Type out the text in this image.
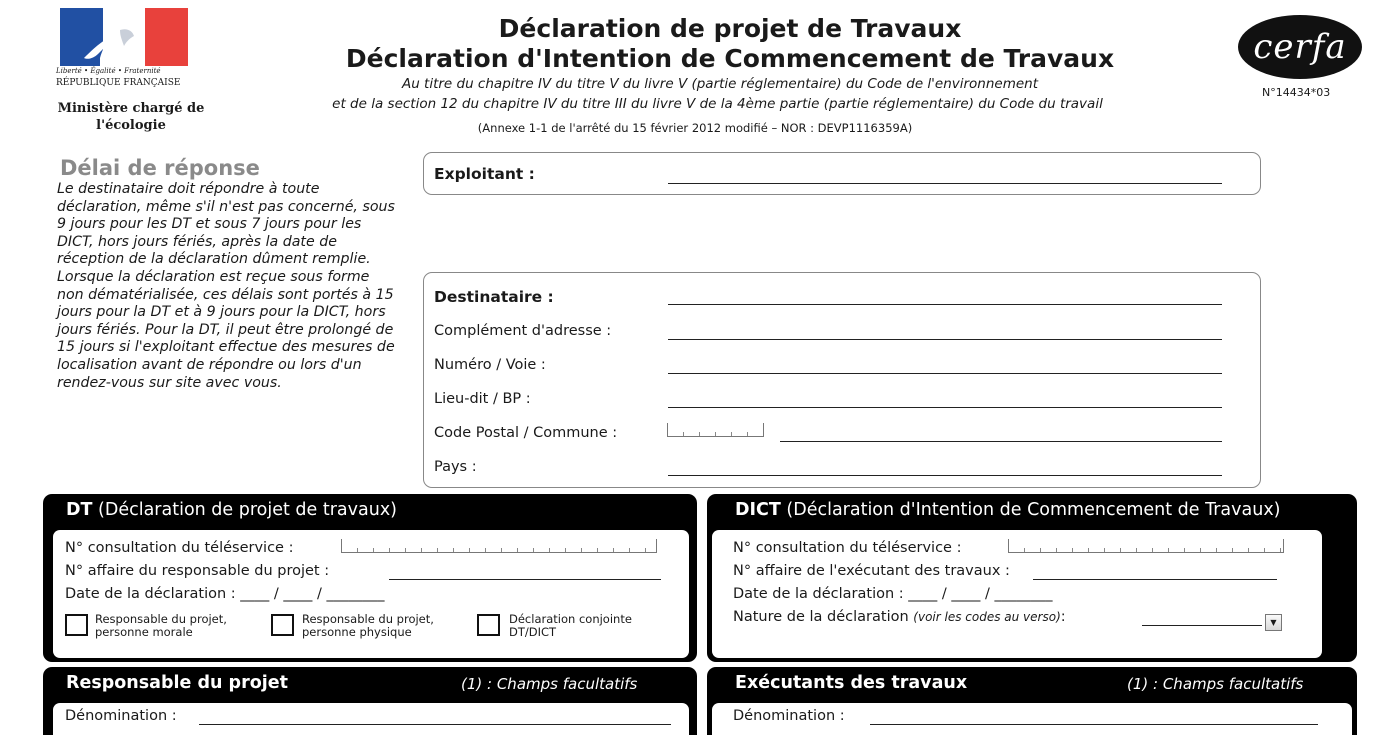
Liberté • Égalité • Fraternité
RÉPUBLIQUE FRANÇAISE
Ministère chargé de l'écologie
Déclaration de projet de Travaux
Déclaration d'Intention de Commencement de Travaux
Au titre du chapitre IV du titre V du livre V (partie réglementaire) du Code de l'environnement
et de la section 12 du chapitre IV du titre III du livre V de la 4ème partie (partie réglementaire) du Code du travail
(Annexe 1-1 de l'arrêté du 15 février 2012 modifié – NOR : DEVP1116359A)
cerfa
N°14434*03
Délai de réponse
Le destinataire doit répondre à toute déclaration, même s'il n'est pas concerné, sous 9 jours pour les DT et sous 7 jours pour les DICT, hors jours fériés, après la date de réception de la déclaration dûment remplie. Lorsque la déclaration est reçue sous forme non dématérialisée, ces délais sont portés à 15 jours pour la DT et à 9 jours pour la DICT, hors jours fériés. Pour la DT, il peut être prolongé de 15 jours si l'exploitant effectue des mesures de localisation avant de répondre ou lors d'un rendez-vous sur site avec vous.
Exploitant :
Destinataire :
Complément d'adresse :
Numéro / Voie :
Lieu-dit / BP :
Code Postal / Commune :
Pays :
DT (Déclaration de projet de travaux)
N° consultation du téléservice :
N° affaire du responsable du projet :
Date de la déclaration : ____ / ____ / ________
Responsable du projet,
personne morale
Responsable du projet,
personne physique
Déclaration conjointe
DT/DICT
DICT (Déclaration d'Intention de Commencement de Travaux)
N° consultation du téléservice :
N° affaire de l'exécutant des travaux :
Date de la déclaration : ____ / ____ / ________
Nature de la déclaration (voir les codes au verso):	▼
Responsable du projet	(1) : Champs facultatifs
Dénomination :
Exécutants des travaux	(1) : Champs facultatifs
Dénomination :
